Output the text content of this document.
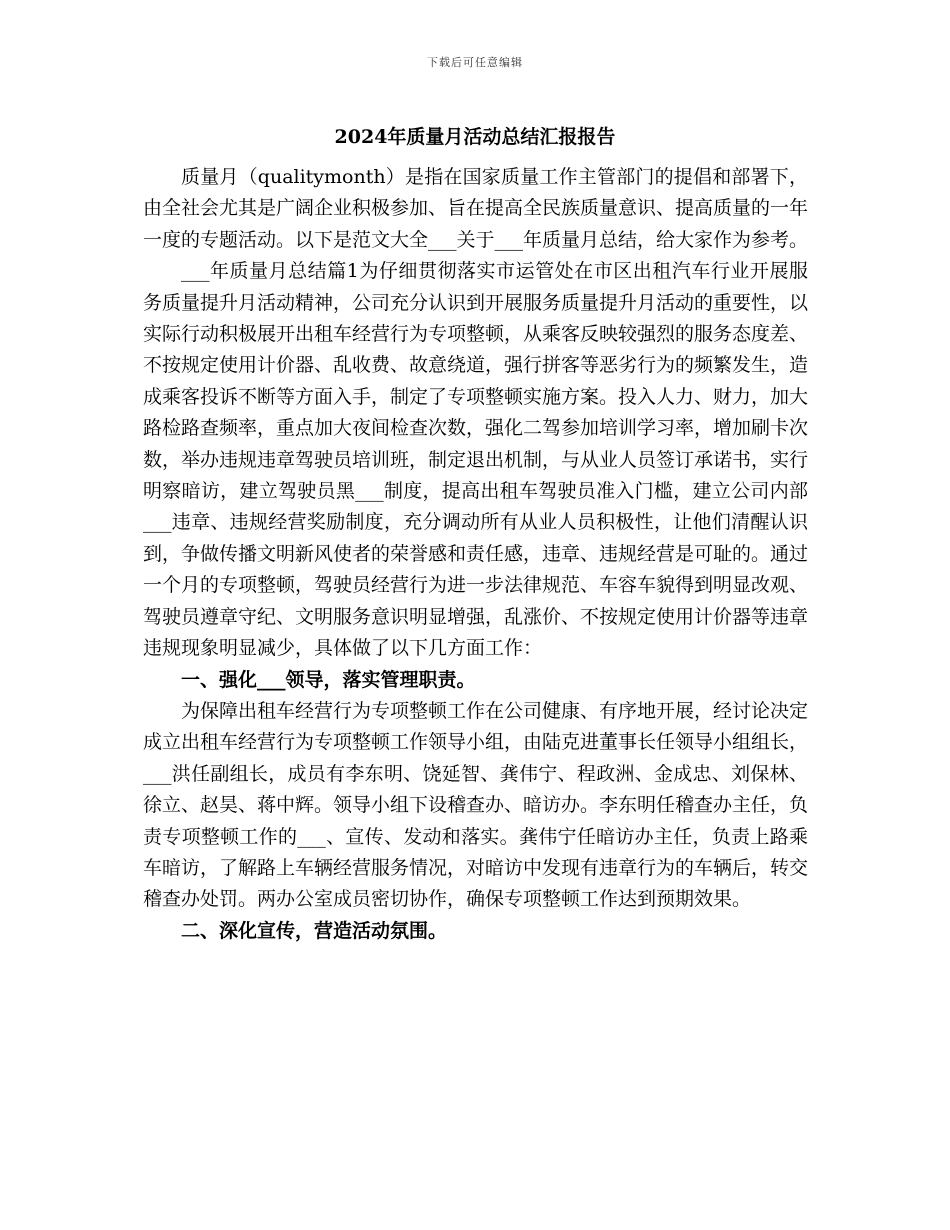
下载后可任意编辑
2024年质量月活动总结汇报报告

质量月（qualitymonth）是指在国家质量工作主管部门的提倡和部署下，由全社会尤其是广阔企业积极参加、旨在提高全民族质量意识、提高质量的一年一度的专题活动。以下是范文大全___关于___年质量月总结，给大家作为参考。

___年质量月总结篇1为仔细贯彻落实市运管处在市区出租汽车行业开展服务质量提升月活动精神，公司充分认识到开展服务质量提升月活动的重要性，以实际行动积极展开出租车经营行为专项整顿，从乘客反映较强烈的服务态度差、不按规定使用计价器、乱收费、故意绕道，强行拼客等恶劣行为的频繁发生，造成乘客投诉不断等方面入手，制定了专项整顿实施方案。投入人力、财力，加大路检路查频率，重点加大夜间检查次数，强化二驾参加培训学习率，增加刷卡次数，举办违规违章驾驶员培训班，制定退出机制，与从业人员签订承诺书，实行明察暗访，建立驾驶员黑___制度，提高出租车驾驶员准入门槛，建立公司内部___违章、违规经营奖励制度，充分调动所有从业人员积极性，让他们清醒认识到，争做传播文明新风使者的荣誉感和责任感，违章、违规经营是可耻的。通过一个月的专项整顿，驾驶员经营行为进一步法律规范、车容车貌得到明显改观、驾驶员遵章守纪、文明服务意识明显增强，乱涨价、不按规定使用计价器等违章违规现象明显减少，具体做了以下几方面工作：

一、强化___领导，落实管理职责。

为保障出租车经营行为专项整顿工作在公司健康、有序地开展，经讨论决定成立出租车经营行为专项整顿工作领导小组，由陆克进董事长任领导小组组长，___洪任副组长，成员有李东明、饶延智、龚伟宁、程政洲、金成忠、刘保林、徐立、赵昊、蒋中辉。领导小组下设稽查办、暗访办。李东明任稽查办主任，负责专项整顿工作的___、宣传、发动和落实。龚伟宁任暗访办主任，负责上路乘车暗访，了解路上车辆经营服务情况，对暗访中发现有违章行为的车辆后，转交稽查办处罚。两办公室成员密切协作，确保专项整顿工作达到预期效果。

二、深化宣传，营造活动氛围。
